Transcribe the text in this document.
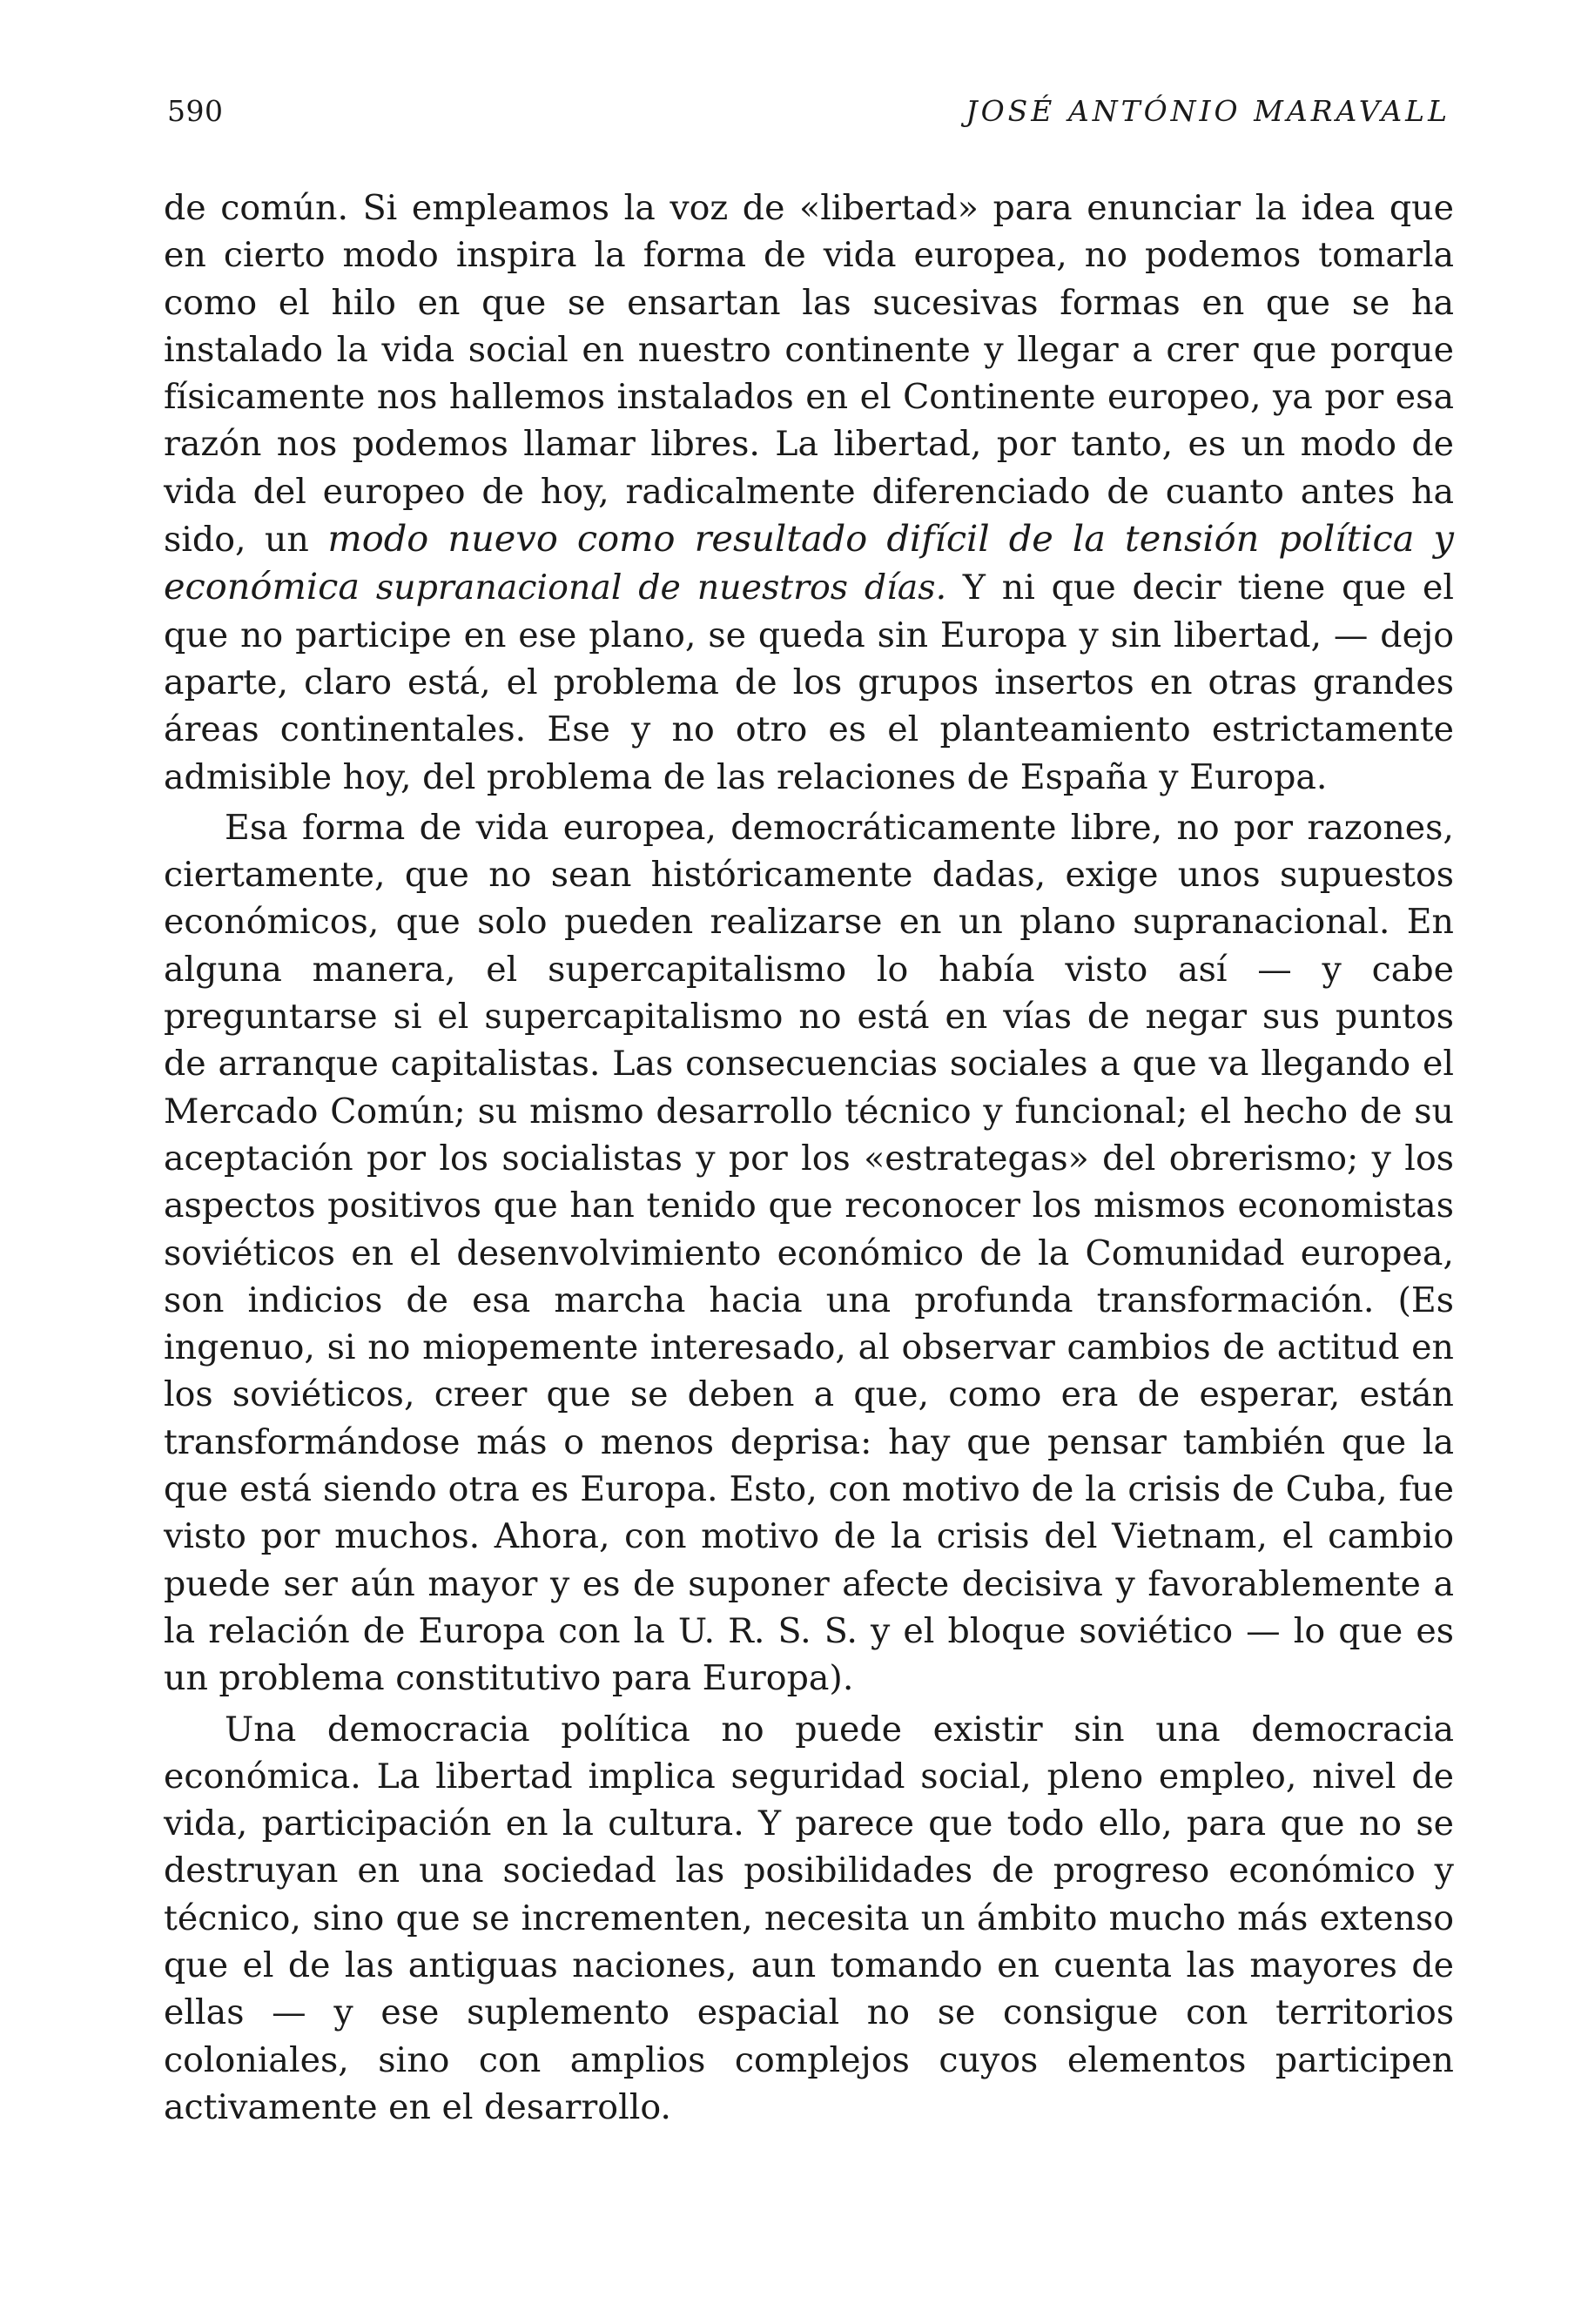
590	JOSÉ ANTÓNIO MARAVALL

de común. Si empleamos la voz de «libertad» para enunciar la idea que en cierto modo inspira la forma de vida europea, no podemos tomarla como el hilo en que se ensartan las sucesivas formas en que se ha instalado la vida social en nuestro continente y llegar a crer que porque físicamente nos hallemos instalados en el Continente europeo, ya por esa razón nos podemos llamar libres. La libertad, por tanto, es un modo de vida del europeo de hoy, radicalmente diferenciado de cuanto antes ha sido, un modo nuevo como resultado difícil de la tensión política y económica supranacional de nuestros días. Y ni que decir tiene que el que no participe en ese plano, se queda sin Europa y sin libertad, — dejo aparte, claro está, el problema de los grupos insertos en otras grandes áreas continentales. Ese y no otro es el planteamiento estrictamente admisible hoy, del problema de las relaciones de España y Europa.

Esa forma de vida europea, democráticamente libre, no por razones, ciertamente, que no sean históricamente dadas, exige unos supuestos económicos, que solo pueden realizarse en un plano supranacional. En alguna manera, el supercapitalismo lo había visto así — y cabe preguntarse si el supercapitalismo no está en vías de negar sus puntos de arranque capitalistas. Las consecuencias sociales a que va llegando el Mercado Común; su mismo desarrollo técnico y funcional; el hecho de su aceptación por los socialistas y por los «estrategas» del obrerismo; y los aspectos positivos que han tenido que reconocer los mismos economistas soviéticos en el desenvolvimiento económico de la Comunidad europea, son indicios de esa marcha hacia una profunda transformación. (Es ingenuo, si no miopemente interesado, al observar cambios de actitud en los soviéticos, creer que se deben a que, como era de esperar, están transformándose más o menos deprisa: hay que pensar también que la que está siendo otra es Europa. Esto, con motivo de la crisis de Cuba, fue visto por muchos. Ahora, con motivo de la crisis del Vietnam, el cambio puede ser aún mayor y es de suponer afecte decisiva y favorablemente a la relación de Europa con la U. R. S. S. y el bloque soviético — lo que es un problema constitutivo para Europa).

Una democracia política no puede existir sin una democracia económica. La libertad implica seguridad social, pleno empleo, nivel de vida, participación en la cultura. Y parece que todo ello, para que no se destruyan en una sociedad las posibilidades de progreso económico y técnico, sino que se incrementen, necesita un ámbito mucho más extenso que el de las antiguas naciones, aun tomando en cuenta las mayores de ellas — y ese suplemento espacial no se consigue con territorios coloniales, sino con amplios complejos cuyos elementos participen activamente en el desarrollo.
